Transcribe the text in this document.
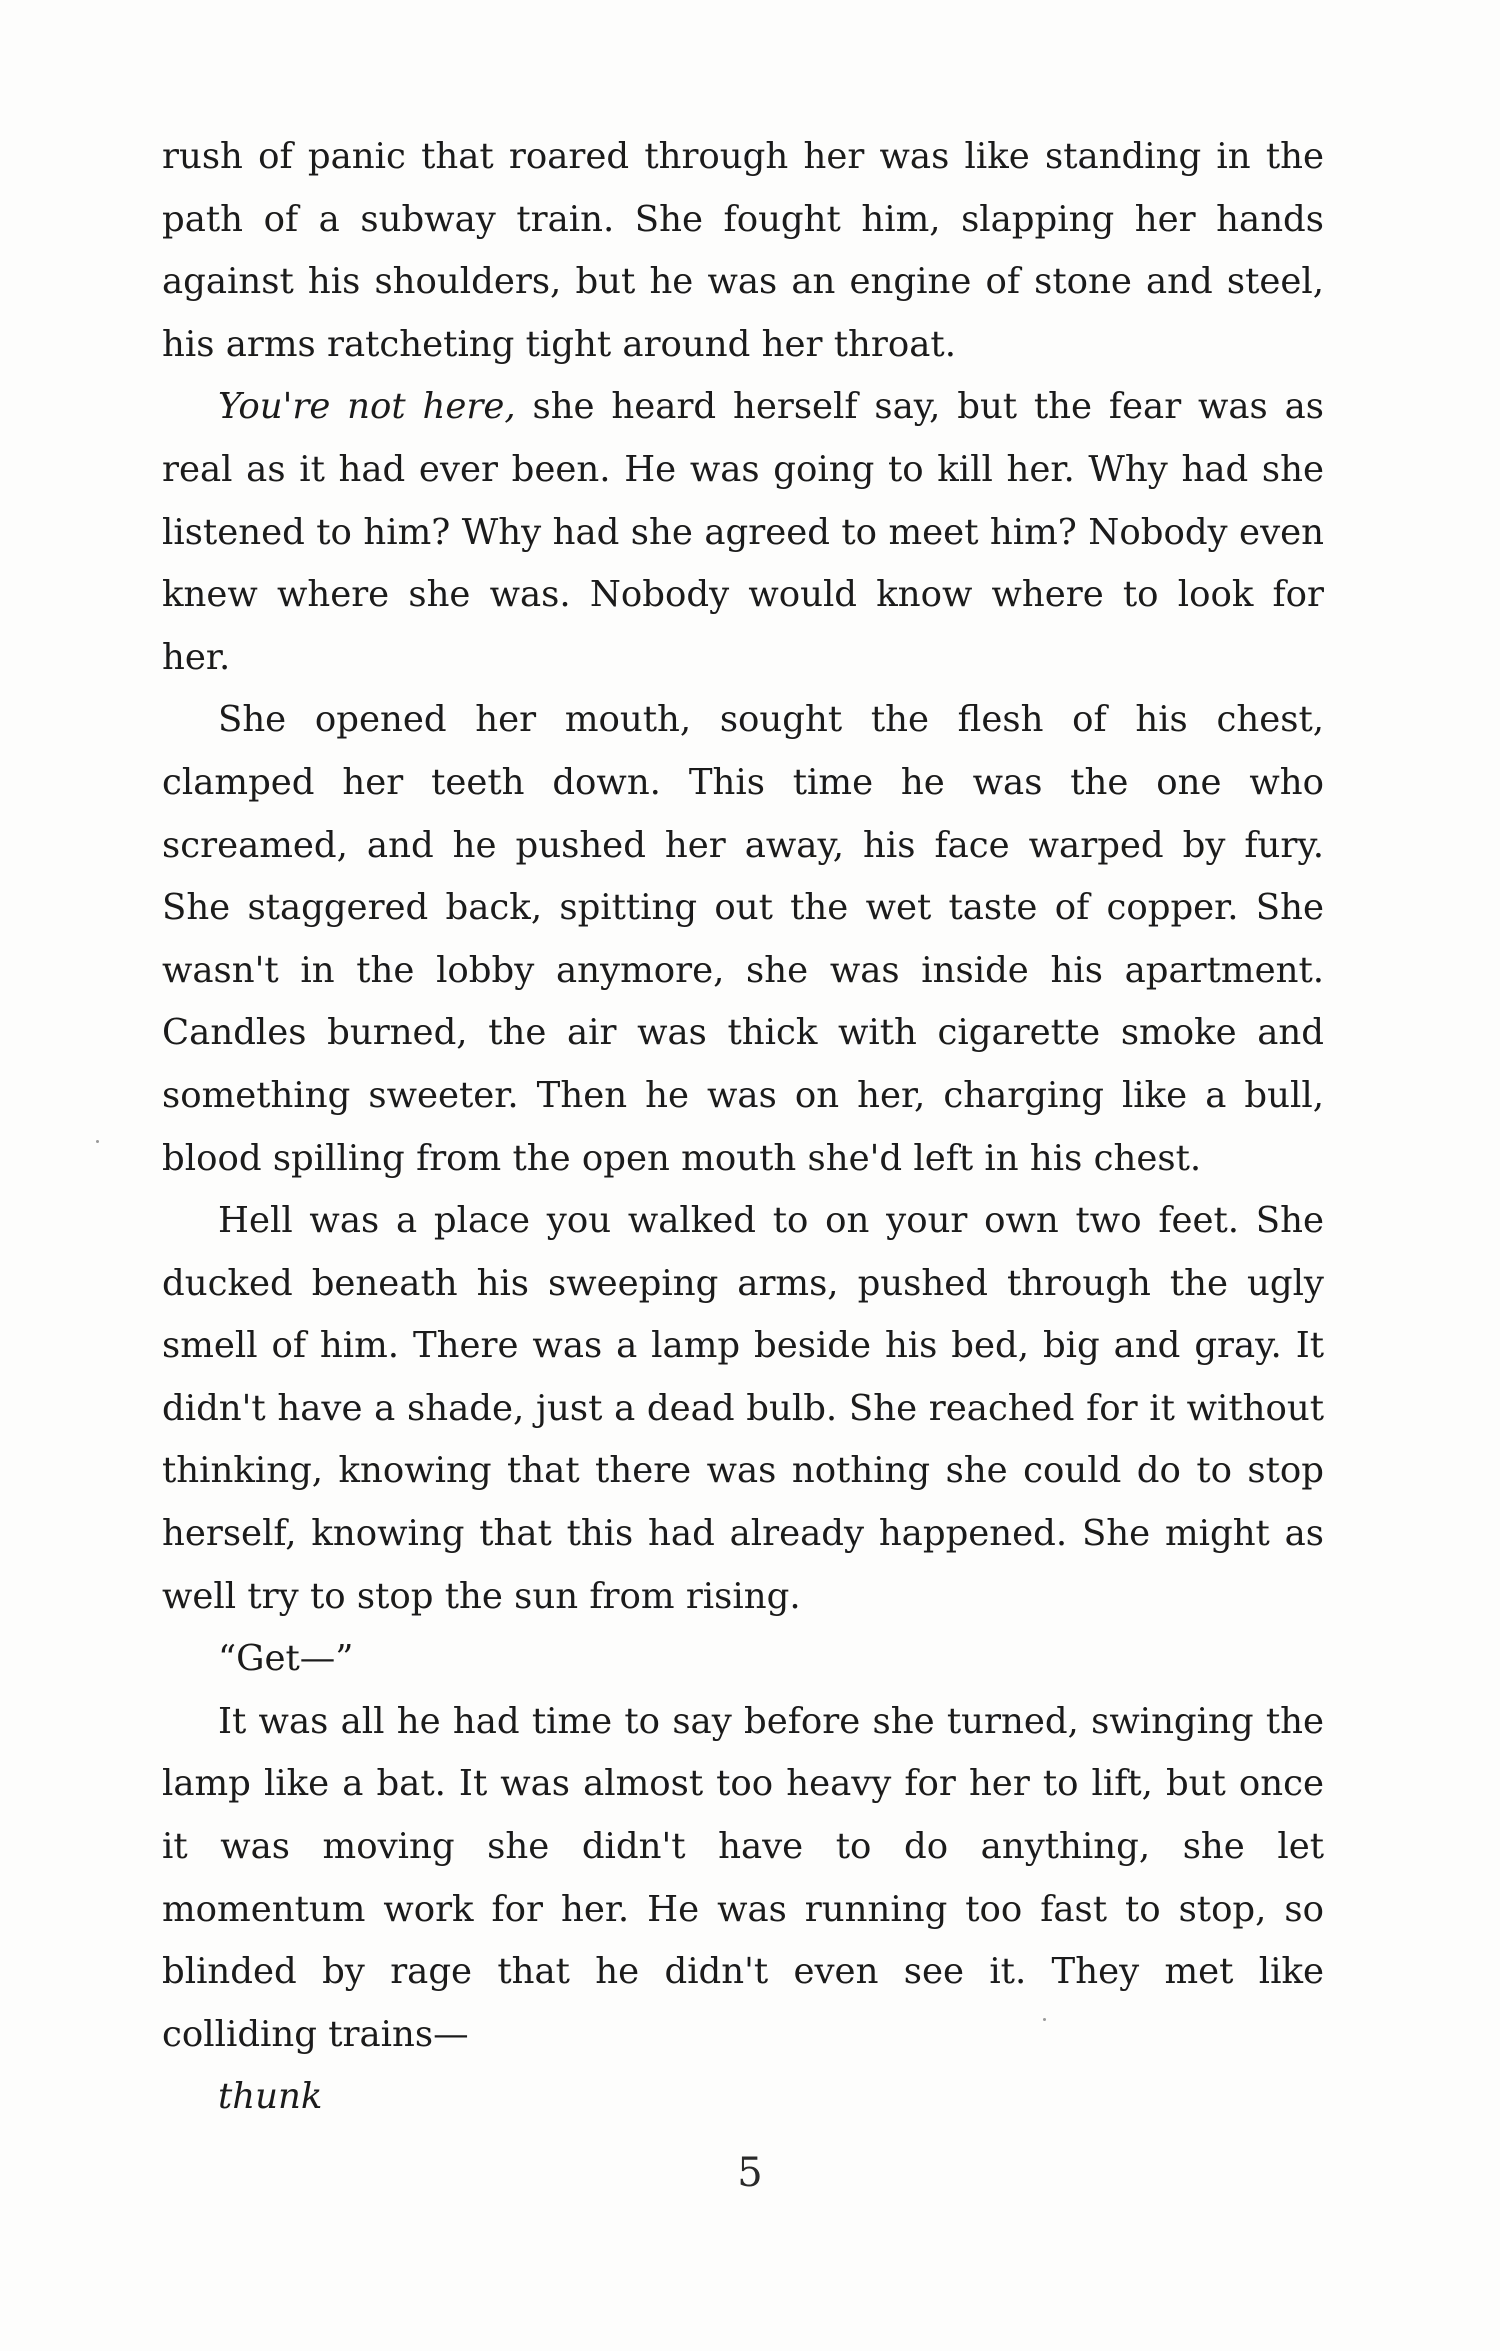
rush of panic that roared through her was like standing in the path of a subway train. She fought him, slapping her hands against his shoulders, but he was an engine of stone and steel, his arms ratcheting tight around her throat.

You're not here, she heard herself say, but the fear was as real as it had ever been. He was going to kill her. Why had she listened to him? Why had she agreed to meet him? Nobody even knew where she was. Nobody would know where to look for her.

She opened her mouth, sought the flesh of his chest, clamped her teeth down. This time he was the one who screamed, and he pushed her away, his face warped by fury. She staggered back, spitting out the wet taste of copper. She wasn't in the lobby anymore, she was inside his apartment. Candles burned, the air was thick with cigarette smoke and something sweeter. Then he was on her, charging like a bull, blood spilling from the open mouth she'd left in his chest.

Hell was a place you walked to on your own two feet. She ducked beneath his sweeping arms, pushed through the ugly smell of him. There was a lamp beside his bed, big and gray. It didn't have a shade, just a dead bulb. She reached for it without thinking, knowing that there was nothing she could do to stop herself, knowing that this had already happened. She might as well try to stop the sun from rising.

“Get—”

It was all he had time to say before she turned, swinging the lamp like a bat. It was almost too heavy for her to lift, but once it was moving she didn't have to do anything, she let momentum work for her. He was running too fast to stop, so blinded by rage that he didn't even see it. They met like colliding trains—

thunk

5
